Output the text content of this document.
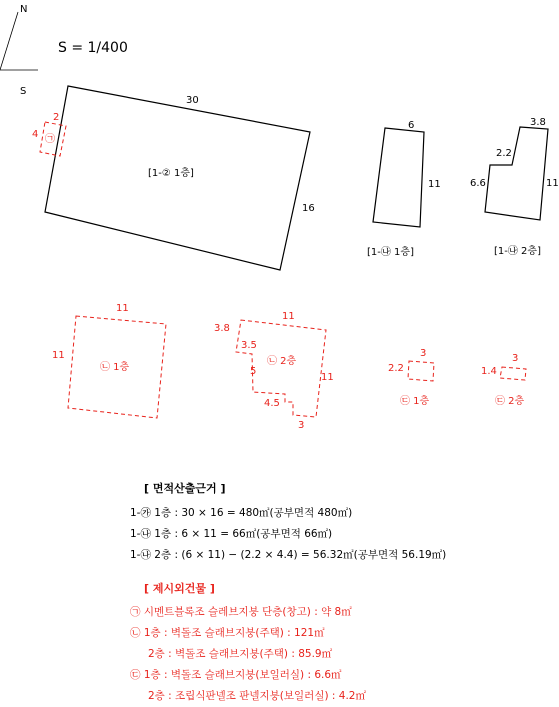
N
S
S = 1/400
30
16
[1-② 1층]
2
4 ㉠
6
11
[1-㉯ 1층]
3.8
2.2
6.6	11
[1-㉯ 2층]
11
11
㉡ 1층
11
3.8
3.5
5
4.5
3
11
㉡ 2층
3
2.2
㉢ 1층
3
1.4
㉢ 2층
[ 면적산출근거 ]
1-㉮ 1층 : 30 × 16 = 480㎡(공부면적 480㎡)
1-㉯ 1층 : 6 × 11 = 66㎡(공부면적 66㎡)
1-㉯ 2층 : (6 × 11) − (2.2 × 4.4) = 56.32㎡(공부면적 56.19㎡)
[ 제시외건물 ]
㉠ 시멘트블록조 슬레브지붕 단층(창고) : 약 8㎡
㉡ 1층 : 벽돌조 슬래브지붕(주택) : 121㎡
2층 : 벽돌조 슬래브지붕(주택) : 85.9㎡
㉢ 1층 : 벽돌조 슬래브지붕(보일러실) : 6.6㎡
2층 : 조립식판넬조 판넬지붕(보일러실) : 4.2㎡
